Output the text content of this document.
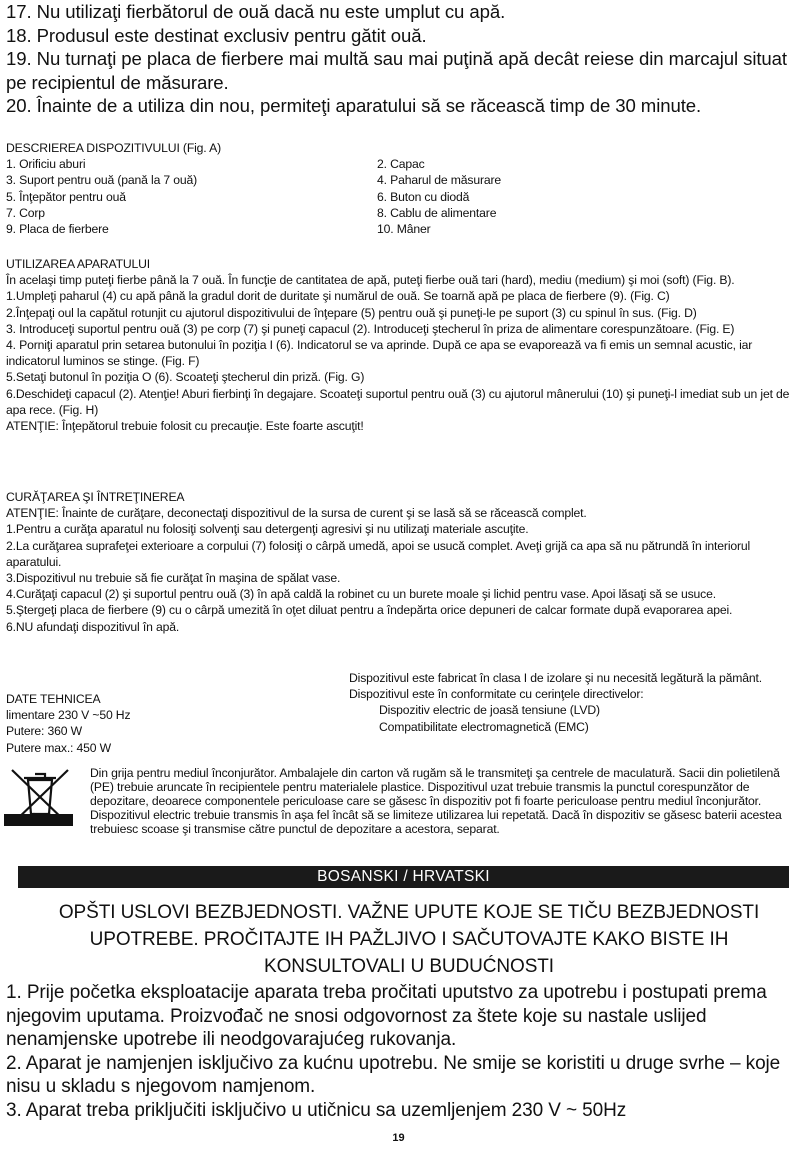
17. Nu utilizaţi fierbătorul de ouă dacă nu este umplut cu apă.

18. Produsul este destinat exclusiv pentru gătit ouă.

19. Nu turnaţi pe placa de fierbere mai multă sau mai puţină apă decât reiese din marcajul situat pe recipientul de măsurare.

20. Înainte de a utiliza din nou, permiteţi aparatului să se răcească timp de 30 minute.

DESCRIEREA DISPOZITIVULUI (Fig. A)
1. Orificiu aburi	2. Capac
3. Suport pentru ouă (pană la 7 ouă)	4. Paharul de măsurare
5. Înţepător pentru ouă	6. Buton cu diodă
7. Corp	8. Cablu de alimentare
9. Placa de fierbere	10. Mâner
UTILIZAREA APARATULUI

În acelaşi timp puteţi fierbe până la 7 ouă. În funcţie de cantitatea de apă, puteţi fierbe ouă tari (hard), mediu (medium) şi moi (soft) (Fig. B).

1.Umpleţi paharul (4) cu apă până la gradul dorit de duritate şi numărul de ouă. Se toarnă apă pe placa de fierbere (9). (Fig. C)

2.Înţepaţi oul la capătul rotunjit cu ajutorul dispozitivului de înţepare (5) pentru ouă şi puneţi-le pe suport (3) cu spinul în sus. (Fig. D)

3. Introduceţi suportul pentru ouă (3) pe corp (7) şi puneţi capacul (2). Introduceţi ştecherul în priza de alimentare corespunzătoare. (Fig. E)

4. Porniţi aparatul prin setarea butonului în poziţia I (6). Indicatorul se va aprinde. După ce apa se evaporează va fi emis un semnal acustic, iar indicatorul luminos se stinge. (Fig. F)

5.Setaţi butonul în poziţia O (6). Scoateţi ştecherul din priză. (Fig. G)

6.Deschideţi capacul (2). Atenţie! Aburi fierbinţi în degajare. Scoateţi suportul pentru ouă (3) cu ajutorul mânerului (10) şi puneţi-l imediat sub un jet de apa rece. (Fig. H)

ATENŢIE: Înţepătorul trebuie folosit cu precauţie. Este foarte ascuţit!

CURĂŢAREA ŞI ÎNTREŢINEREA

ATENŢIE: Înainte de curăţare, deconectaţi dispozitivul de la sursa de curent şi se lasă să se răcească complet.

1.Pentru a curăţa aparatul nu folosiţi solvenţi sau detergenţi agresivi şi nu utilizaţi materiale ascuţite.

2.La curăţarea suprafeţei exterioare a corpului (7) folosiţi o cârpă umedă, apoi se usucă complet. Aveţi grijă ca apa să nu pătrundă în interiorul aparatului.

3.Dispozitivul nu trebuie să fie curăţat în maşina de spălat vase.

4.Curăţaţi capacul (2) şi suportul pentru ouă (3) în apă caldă la robinet cu un burete moale şi lichid pentru vase. Apoi lăsaţi să se usuce.

5.Ştergeţi placa de fierbere (9) cu o cârpă umezită în oţet diluat pentru a îndepărta orice depuneri de calcar formate după evaporarea apei.

6.NU afundaţi dispozitivul în apă.

DATE TEHNICEA
limentare 230 V ~50 Hz
Putere: 360 W
Putere max.: 450 W

Dispozitivul este fabricat în clasa I de izolare şi nu necesită legătură la pământ.

Dispozitivul este în conformitate cu cerinţele directivelor:

Dispozitiv electric de joasă tensiune (LVD)

Compatibilitate electromagnetică (EMC)

Din grija pentru mediul înconjurător. Ambalajele din carton vă rugăm să le transmiteţi şa centrele de maculatură. Sacii din polietilenă (PE) trebuie aruncate în recipientele pentru materialele plastice. Dispozitivul uzat trebuie transmis la punctul corespunzător de depozitare, deoarece componentele periculoase care se găsesc în dispozitiv pot fi foarte periculoase pentru mediul înconjurător. Dispozitivul electric trebuie transmis în aşa fel încât să se limiteze utilizarea lui repetată. Dacă în dispozitiv se găsesc baterii acestea trebuiesc scoase şi transmise către punctul de depozitare a acestora, separat.

BOSANSKI / HRVATSKI
OPŠTI USLOVI BEZBJEDNOSTI. VAŽNE UPUTE KOJE SE TIČU BEZBJEDNOSTI UPOTREBE. PROČITAJTE IH PAŽLJIVO I SAČUTOVAJTE KAKO BISTE IH KONSULTOVALI U BUDUĆNOSTI

1. Prije početka eksploatacije aparata treba pročitati uputstvo za upotrebu i postupati prema njegovim uputama. Proizvođač ne snosi odgovornost za štete koje su nastale uslijed nenamjenske upotrebe ili neodgovarajućeg rukovanja.

2. Aparat je namjenjen isključivo za kućnu upotrebu. Ne smije se koristiti u druge svrhe – koje nisu u skladu s njegovom namjenom.

3. Aparat treba priključiti isključivo u utičnicu sa uzemljenjem 230 V ~ 50Hz

19
